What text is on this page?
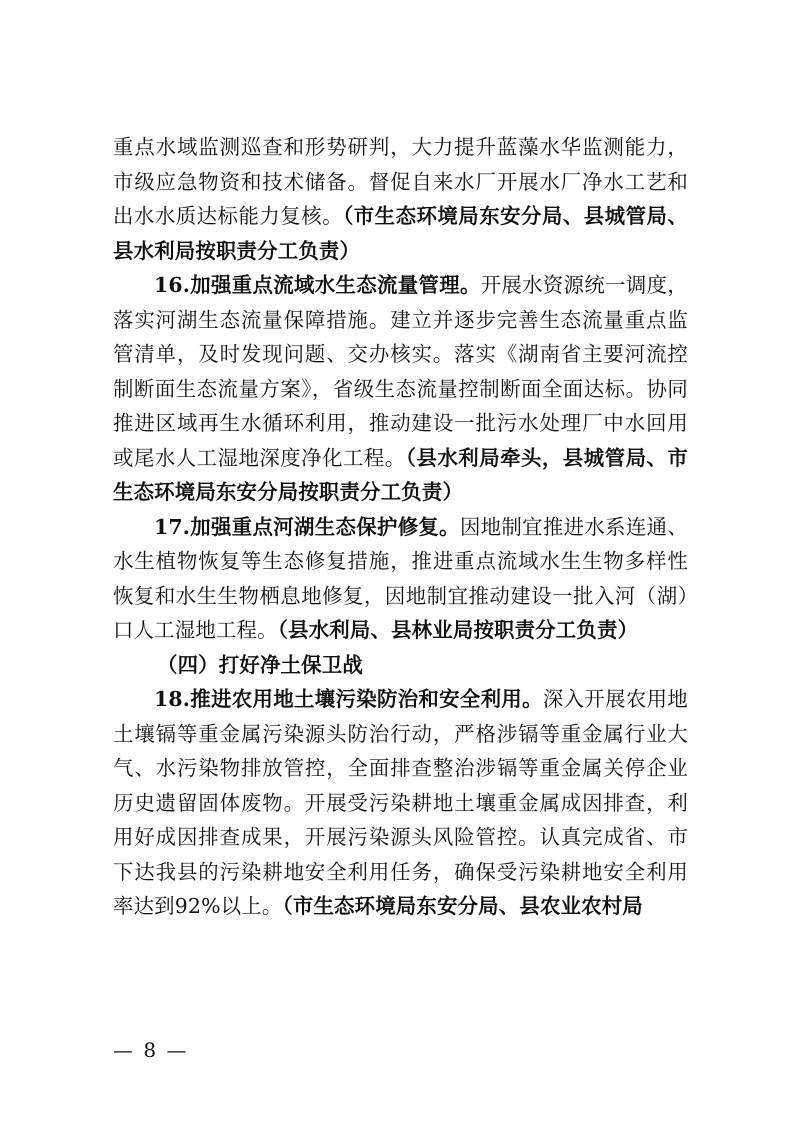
重点水域监测巡查和形势研判，大力提升蓝藻水华监测能力，市级应急物资和技术储备。督促自来水厂开展水厂净水工艺和出水水质达标能力复核。（市生态环境局东安分局、县城管局、县水利局按职责分工负责）

16.加强重点流域水生态流量管理。开展水资源统一调度，落实河湖生态流量保障措施。建立并逐步完善生态流量重点监管清单，及时发现问题、交办核实。落实《湖南省主要河流控制断面生态流量方案》，省级生态流量控制断面全面达标。协同推进区域再生水循环利用，推动建设一批污水处理厂中水回用或尾水人工湿地深度净化工程。（县水利局牵头，县城管局、市生态环境局东安分局按职责分工负责）

17.加强重点河湖生态保护修复。因地制宜推进水系连通、水生植物恢复等生态修复措施，推进重点流域水生生物多样性恢复和水生生物栖息地修复，因地制宜推动建设一批入河（湖）口人工湿地工程。（县水利局、县林业局按职责分工负责）

（四）打好净土保卫战

18.推进农用地土壤污染防治和安全利用。深入开展农用地土壤镉等重金属污染源头防治行动，严格涉镉等重金属行业大气、水污染物排放管控，全面排查整治涉镉等重金属关停企业历史遗留固体废物。开展受污染耕地土壤重金属成因排查，利用好成因排查成果，开展污染源头风险管控。认真完成省、市下达我县的污染耕地安全利用任务，确保受污染耕地安全利用率达到92%以上。（市生态环境局东安分局、县农业农村局

— 8 —
